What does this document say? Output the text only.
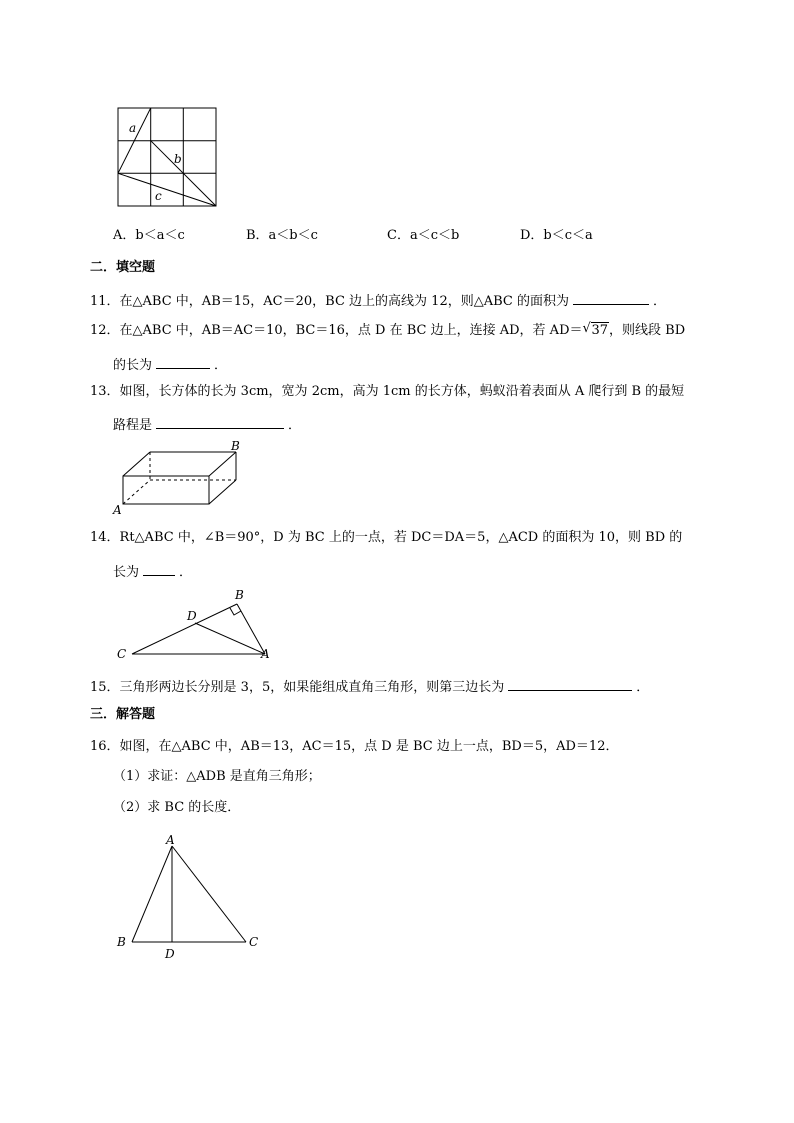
a
b
c
A．b＜a＜c	B．a＜b＜c	C．a＜c＜b	D．b＜c＜a
二．填空题
11．在△ABC 中，AB＝15，AC＝20，BC 边上的高线为 12，则△ABC 的面积为	．
12．在△ABC 中，AB＝AC＝10，BC＝16，点 D 在 BC 边上，连接 AD，若 AD＝ √ 37，则线段 BD
的长为	．
13．如图，长方体的长为 3cm，宽为 2cm，高为 1cm 的长方体，蚂蚁沿着表面从 A 爬行到 B 的最短
路程是	．
B
A
14．Rt△ABC 中，∠B＝90°，D 为 BC 上的一点，若 DC＝DA＝5，△ACD 的面积为 10，则 BD 的
长为	．
B
D
C	A
15．三角形两边长分别是 3，5，如果能组成直角三角形，则第三边长为	．
三．解答题
16．如图，在△ABC 中，AB＝13，AC＝15，点 D 是 BC 边上一点，BD＝5，AD＝12．
（1）求证：△ADB 是直角三角形；
（2）求 BC 的长度．
A
B	C
D
